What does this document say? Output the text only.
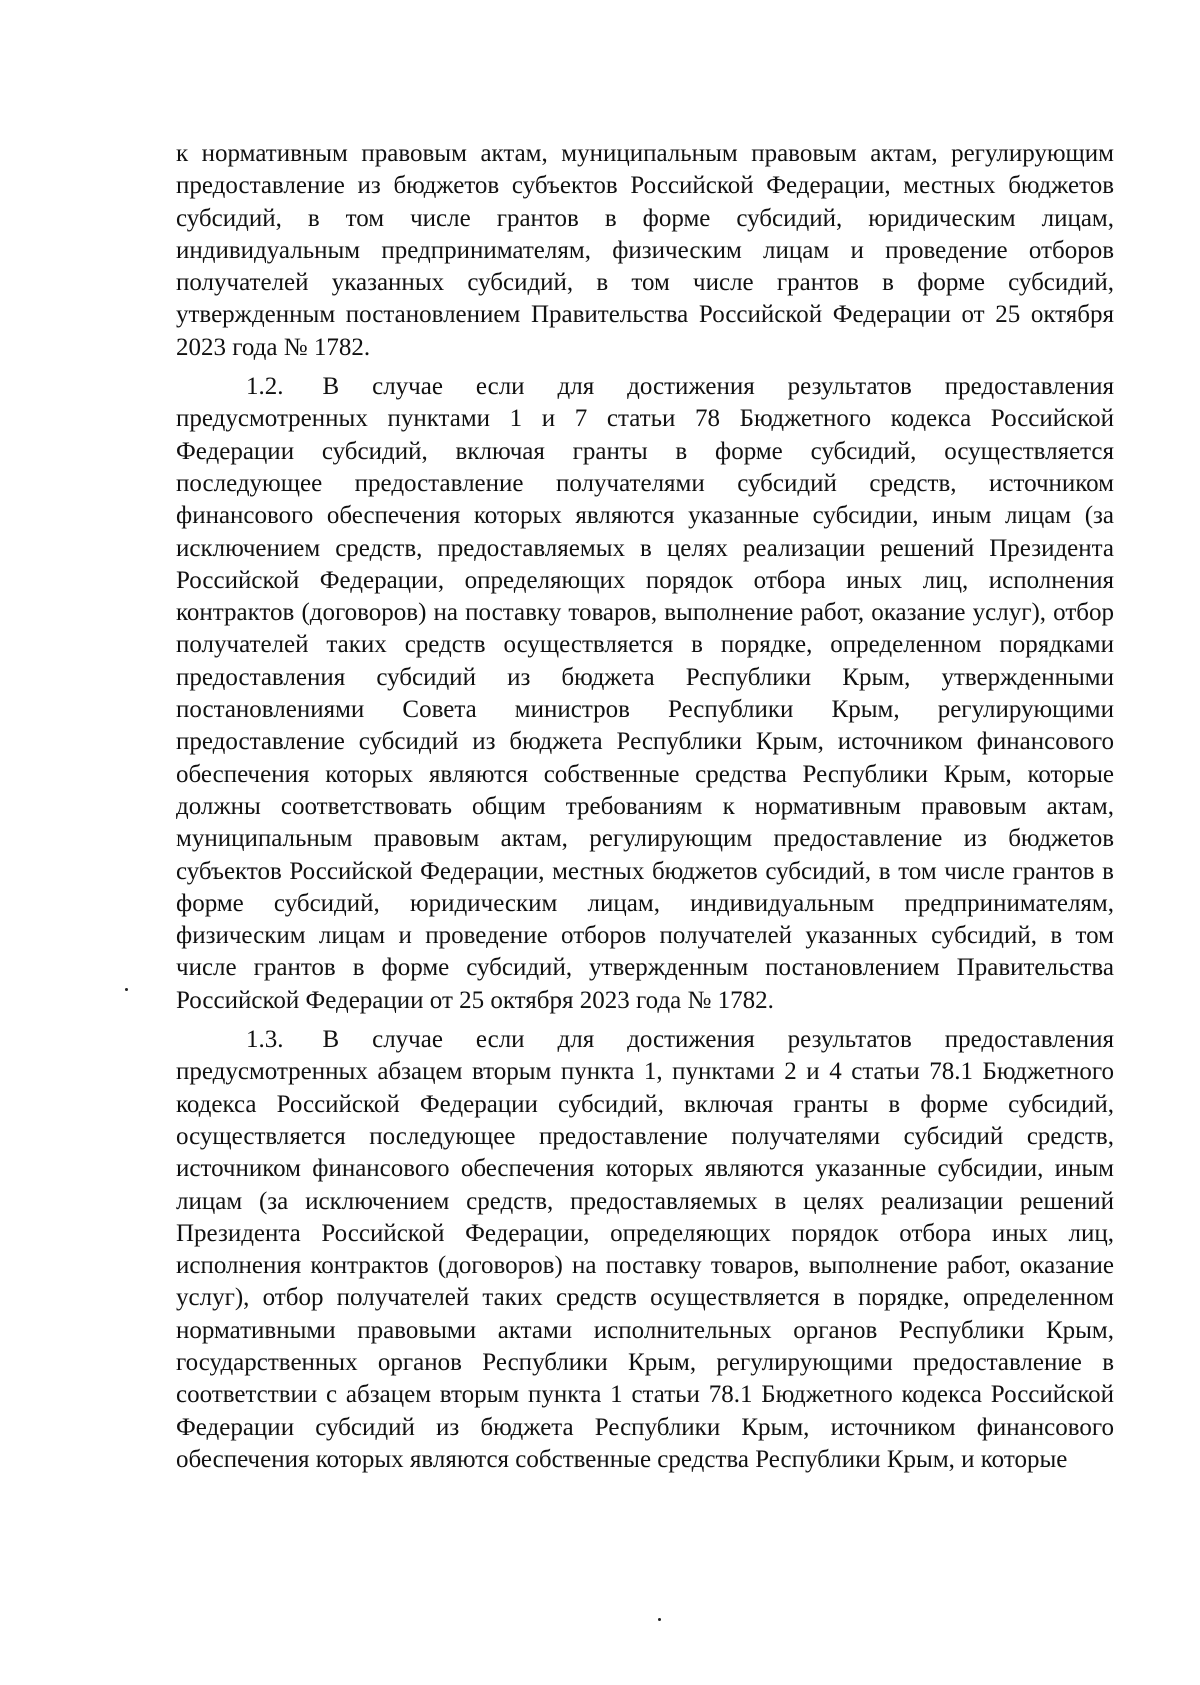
к нормативным правовым актам, муниципальным правовым актам, регулирующим предоставление из бюджетов субъектов Российской Федерации, местных бюджетов субсидий, в том числе грантов в форме субсидий, юридическим лицам, индивидуальным предпринимателям, физическим лицам и проведение отборов получателей указанных субсидий, в том числе грантов в форме субсидий, утвержденным постановлением Правительства Российской Федерации от 25 октября 2023 года № 1782.

1.2. В случае если для достижения результатов предоставления предусмотренных пунктами 1 и 7 статьи 78 Бюджетного кодекса Российской Федерации субсидий, включая гранты в форме субсидий, осуществляется последующее предоставление получателями субсидий средств, источником финансового обеспечения которых являются указанные субсидии, иным лицам (за исключением средств, предоставляемых в целях реализации решений Президента Российской Федерации, определяющих порядок отбора иных лиц, исполнения контрактов (договоров) на поставку товаров, выполнение работ, оказание услуг), отбор получателей таких средств осуществляется в порядке, определенном порядками предоставления субсидий из бюджета Республики Крым, утвержденными постановлениями Совета министров Республики Крым, регулирующими предоставление субсидий из бюджета Республики Крым, источником финансового обеспечения которых являются собственные средства Республики Крым, которые должны соответствовать общим требованиям к нормативным правовым актам, муниципальным правовым актам, регулирующим предоставление из бюджетов субъектов Российской Федерации, местных бюджетов субсидий, в том числе грантов в форме субсидий, юридическим лицам, индивидуальным предпринимателям, физическим лицам и проведение отборов получателей указанных субсидий, в том числе грантов в форме субсидий, утвержденным постановлением Правительства Российской Федерации от 25 октября 2023 года № 1782.

1.3. В случае если для достижения результатов предоставления предусмотренных абзацем вторым пункта 1, пунктами 2 и 4 статьи 78.1 Бюджетного кодекса Российской Федерации субсидий, включая гранты в форме субсидий, осуществляется последующее предоставление получателями субсидий средств, источником финансового обеспечения которых являются указанные субсидии, иным лицам (за исключением средств, предоставляемых в целях реализации решений Президента Российской Федерации, определяющих порядок отбора иных лиц, исполнения контрактов (договоров) на поставку товаров, выполнение работ, оказание услуг), отбор получателей таких средств осуществляется в порядке, определенном нормативными правовыми актами исполнительных органов Республики Крым, государственных органов Республики Крым, регулирующими предоставление в соответствии с абзацем вторым пункта 1 статьи 78.1 Бюджетного кодекса Российской Федерации субсидий из бюджета Республики Крым, источником финансового обеспечения которых являются собственные средства Республики Крым, и которые
